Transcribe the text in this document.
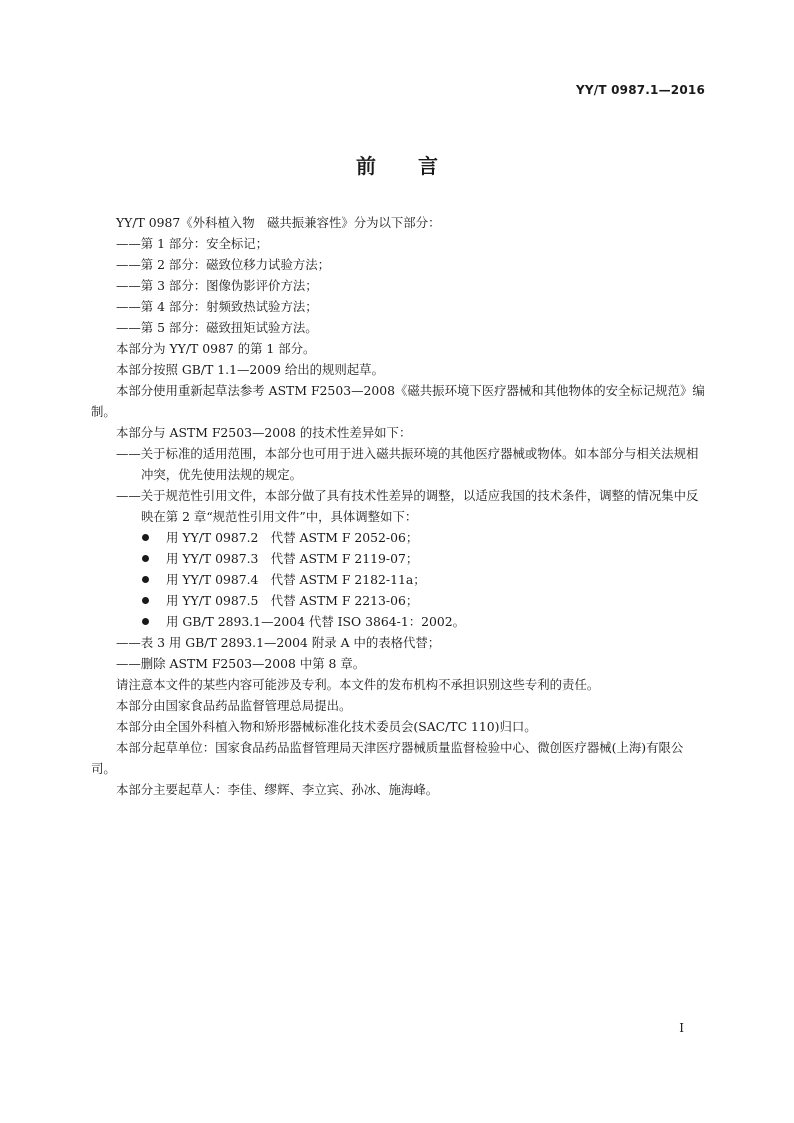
YY/T 0987.1—2016
前言

YY/T 0987《外科植入物　磁共振兼容性》分为以下部分：

——第 1 部分：安全标记；

——第 2 部分：磁致位移力试验方法；

——第 3 部分：图像伪影评价方法；

——第 4 部分：射频致热试验方法；

——第 5 部分：磁致扭矩试验方法。

本部分为 YY/T 0987 的第 1 部分。

本部分按照 GB/T 1.1—2009 给出的规则起草。

本部分使用重新起草法参考 ASTM F2503—2008《磁共振环境下医疗器械和其他物体的安全标记规范》编制。

本部分与 ASTM F2503—2008 的技术性差异如下：

——关于标准的适用范围，本部分也可用于进入磁共振环境的其他医疗器械或物体。如本部分与相关法规相冲突，优先使用法规的规定。

——关于规范性引用文件，本部分做了具有技术性差异的调整，以适应我国的技术条件，调整的情况集中反映在第 2 章“规范性引用文件”中，具体调整如下：

用 YY/T 0987.2　代替 ASTM F 2052-06；

用 YY/T 0987.3　代替 ASTM F 2119-07；

用 YY/T 0987.4　代替 ASTM F 2182-11a；

用 YY/T 0987.5　代替 ASTM F 2213-06；

用 GB/T 2893.1—2004 代替 ISO 3864-1：2002。

——表 3 用 GB/T 2893.1—2004 附录 A 中的表格代替；

——删除 ASTM F2503—2008 中第 8 章。

请注意本文件的某些内容可能涉及专利。本文件的发布机构不承担识别这些专利的责任。

本部分由国家食品药品监督管理总局提出。

本部分由全国外科植入物和矫形器械标准化技术委员会(SAC/TC 110)归口。

本部分起草单位：国家食品药品监督管理局天津医疗器械质量监督检验中心、微创医疗器械(上海)有限公司。

本部分主要起草人：李佳、缪辉、李立宾、孙冰、施海峰。

I
